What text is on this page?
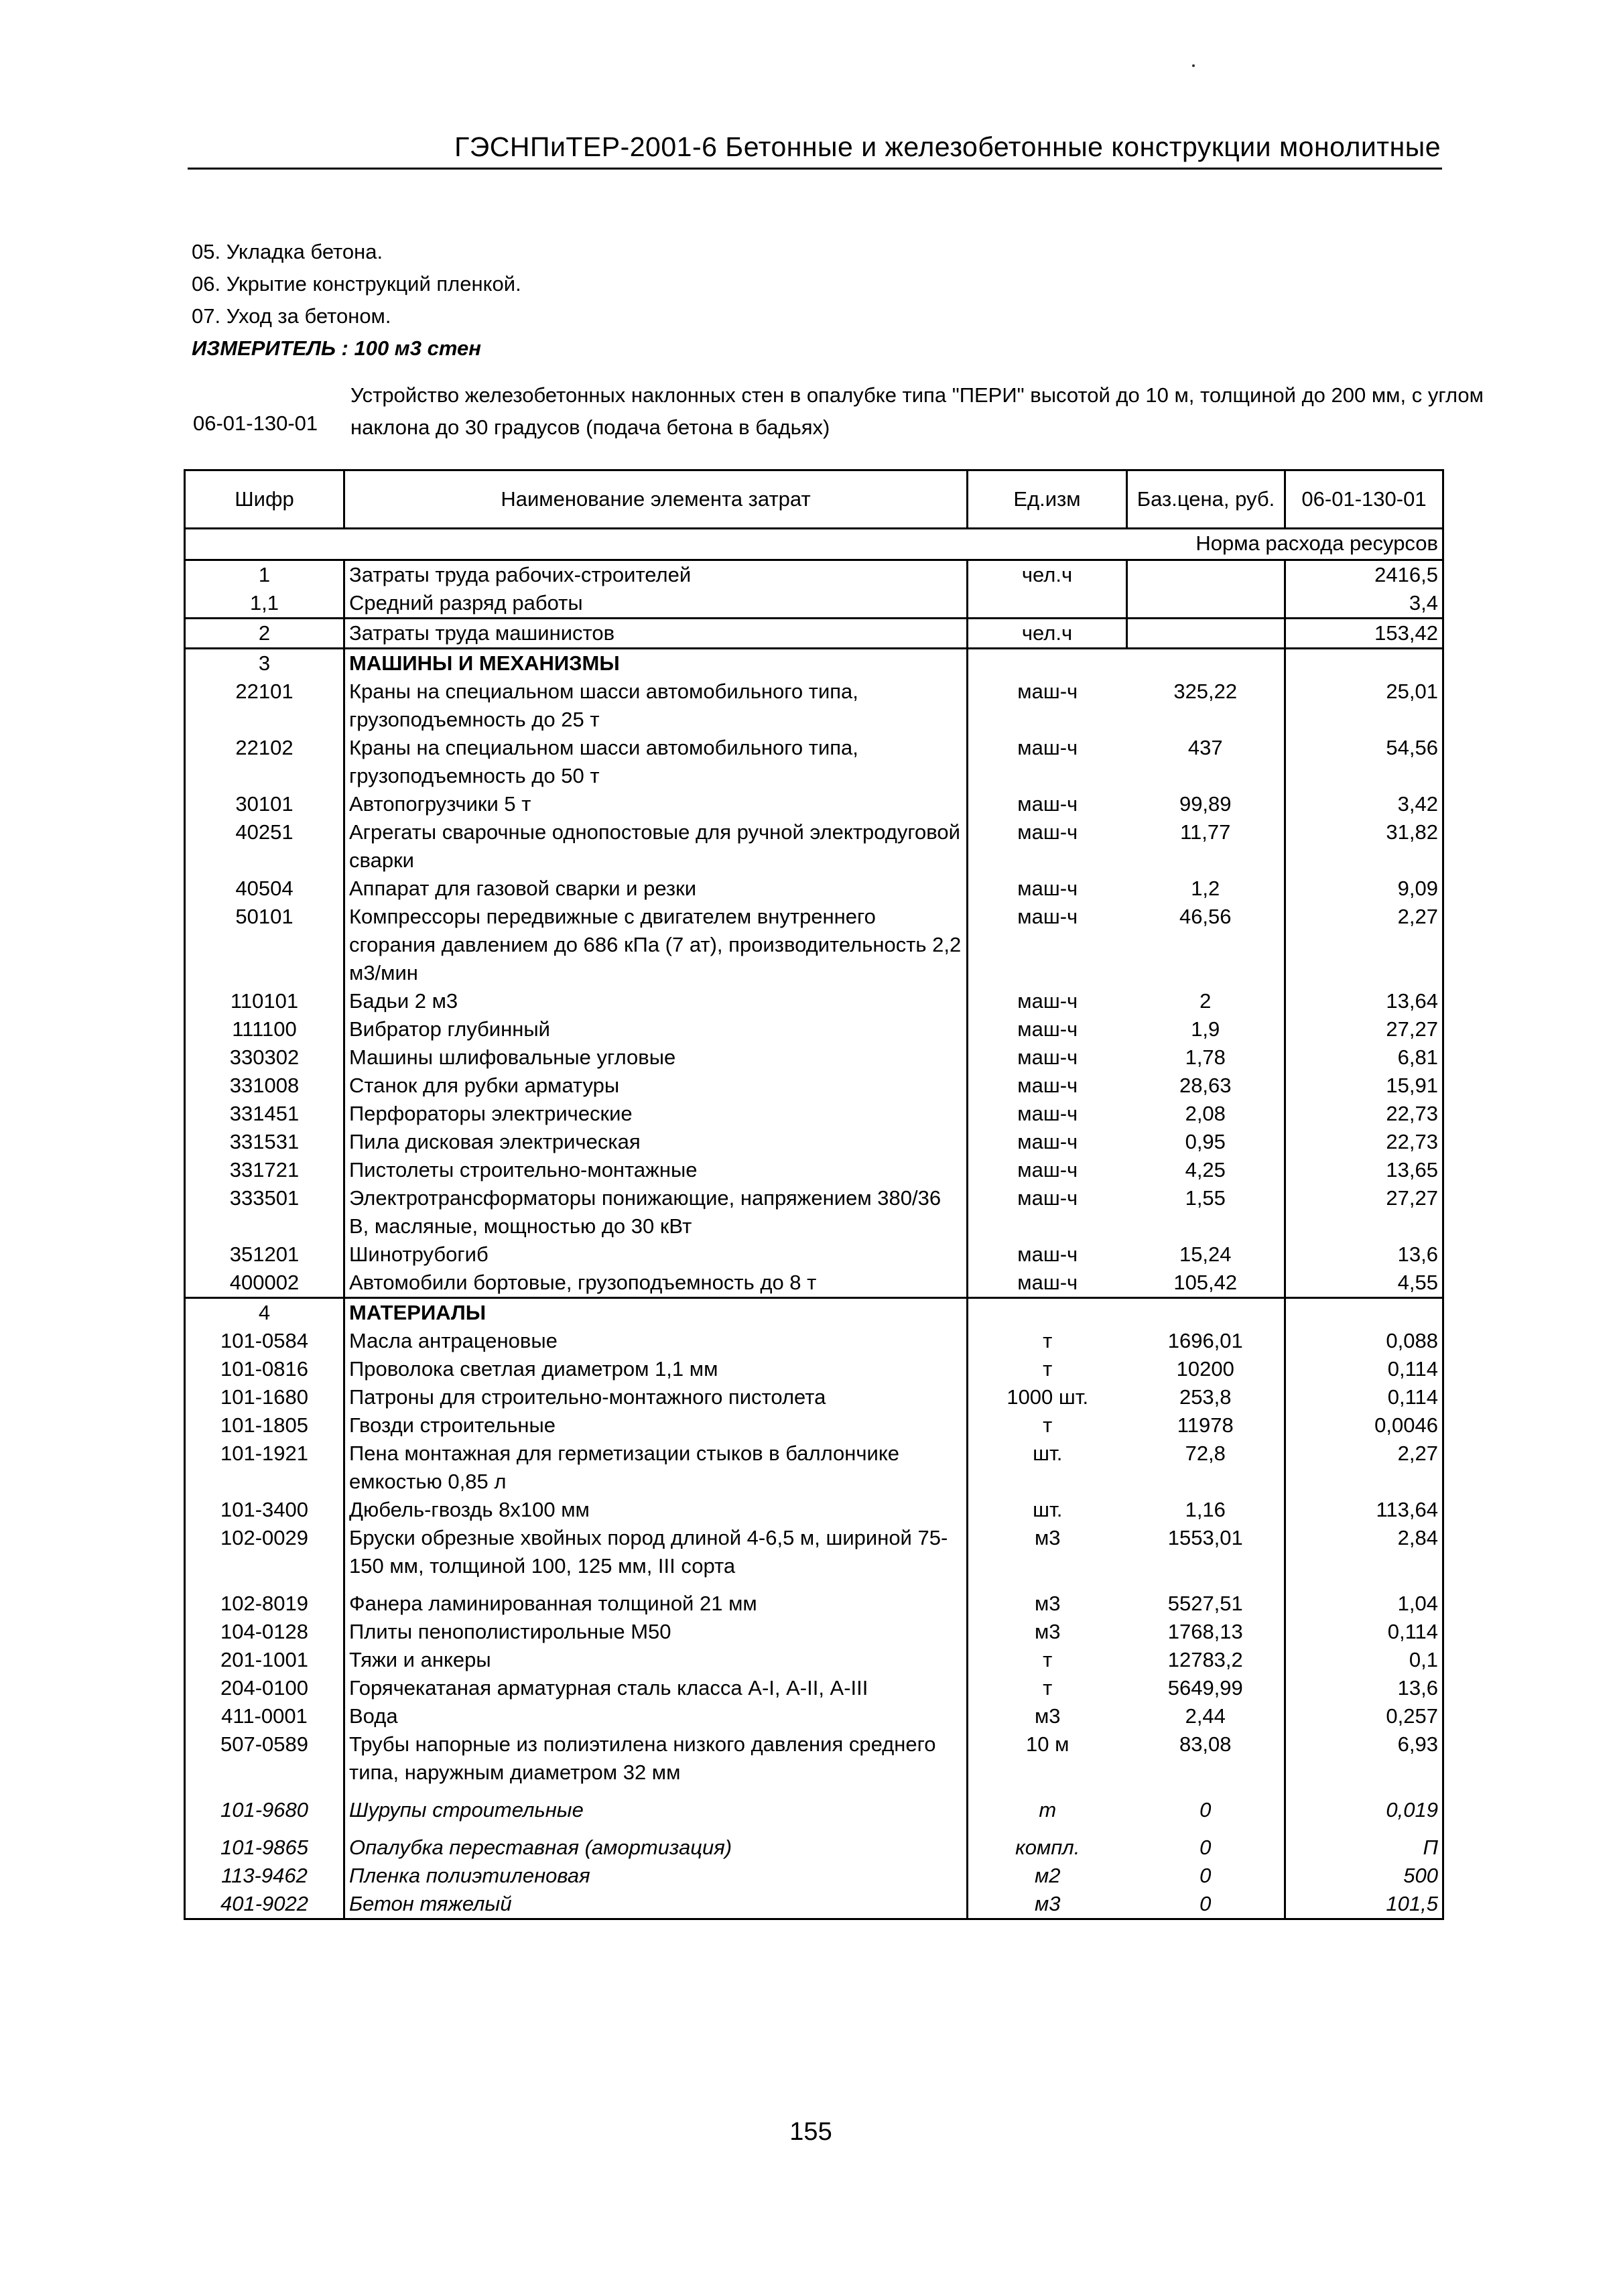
ГЭСНПиТЕР-2001-6 Бетонные и железобетонные конструкции монолитные
05. Укладка бетона.
06. Укрытие конструкций пленкой.
07. Уход за бетоном.
ИЗМЕРИТЕЛЬ : 100 м3 стен
06-01-130-01
Устройство железобетонных наклонных стен в опалубке типа "ПЕРИ" высотой до 10 м, толщиной до 200 мм, с углом наклона до 30 градусов (подача бетона в бадьях)
Шифр	Наименование элемента затрат	Ед.изм	Баз.цена, руб.	06-01-130-01
Норма расхода ресурсов				
1	Затраты труда рабочих-строителей	чел.ч		2416,5
1,1	Средний разряд работы			3,4
2	Затраты труда машинистов	чел.ч		153,42
3	МАШИНЫ И МЕХАНИЗМЫ			
22101	Краны на специальном шасси автомобильного типа, грузоподъемность до 25 т	маш-ч	325,22	25,01
22102	Краны на специальном шасси автомобильного типа, грузоподъемность до 50 т	маш-ч	437	54,56
30101	Автопогрузчики 5 т	маш-ч	99,89	3,42
40251	Агрегаты сварочные однопостовые для ручной электродуговой сварки	маш-ч	11,77	31,82
40504	Аппарат для газовой сварки и резки	маш-ч	1,2	9,09
50101	Компрессоры передвижные с двигателем внутреннего сгорания давлением до 686 кПа (7 ат), производительность 2,2 м3/мин	маш-ч	46,56	2,27
110101	Бадьи 2 м3	маш-ч	2	13,64
111100	Вибратор глубинный	маш-ч	1,9	27,27
330302	Машины шлифовальные угловые	маш-ч	1,78	6,81
331008	Станок для рубки арматуры	маш-ч	28,63	15,91
331451	Перфораторы электрические	маш-ч	2,08	22,73
331531	Пила дисковая электрическая	маш-ч	0,95	22,73
331721	Пистолеты строительно-монтажные	маш-ч	4,25	13,65
333501	Электротрансформаторы понижающие, напряжением 380/36 В, масляные, мощностью до 30 кВт	маш-ч	1,55	27,27
351201	Шинотрубогиб	маш-ч	15,24	13,6
400002	Автомобили бортовые, грузоподъемность до 8 т	маш-ч	105,42	4,55
4	МАТЕРИАЛЫ			
101-0584	Масла антраценовые	т	1696,01	0,088
101-0816	Проволока светлая диаметром 1,1 мм	т	10200	0,114
101-1680	Патроны для строительно-монтажного пистолета	1000 шт.	253,8	0,114
101-1805	Гвозди строительные	т	11978	0,0046
101-1921	Пена монтажная для герметизации стыков в баллончике емкостью 0,85 л	шт.	72,8	2,27
101-3400	Дюбель-гвоздь 8х100 мм	шт.	1,16	113,64
102-0029	Бруски обрезные хвойных пород длиной 4-6,5 м, шириной 75-150 мм, толщиной 100, 125 мм, III сорта	м3	1553,01	2,84
102-8019	Фанера ламинированная толщиной 21 мм	м3	5527,51	1,04
104-0128	Плиты пенополистирольные М50	м3	1768,13	0,114
201-1001	Тяжи и анкеры	т	12783,2	0,1
204-0100	Горячекатаная арматурная сталь класса А-I, А-II, А-III	т	5649,99	13,6
411-0001	Вода	м3	2,44	0,257
507-0589	Трубы напорные из полиэтилена низкого давления среднего типа, наружным диаметром 32 мм	10 м	83,08	6,93
101-9680	Шурупы строительные	т	0	0,019
101-9865	Опалубка переставная (амортизация)	компл.	0	П
113-9462	Пленка полиэтиленовая	м2	0	500
401-9022	Бетон тяжелый	м3	0	101,5
155
